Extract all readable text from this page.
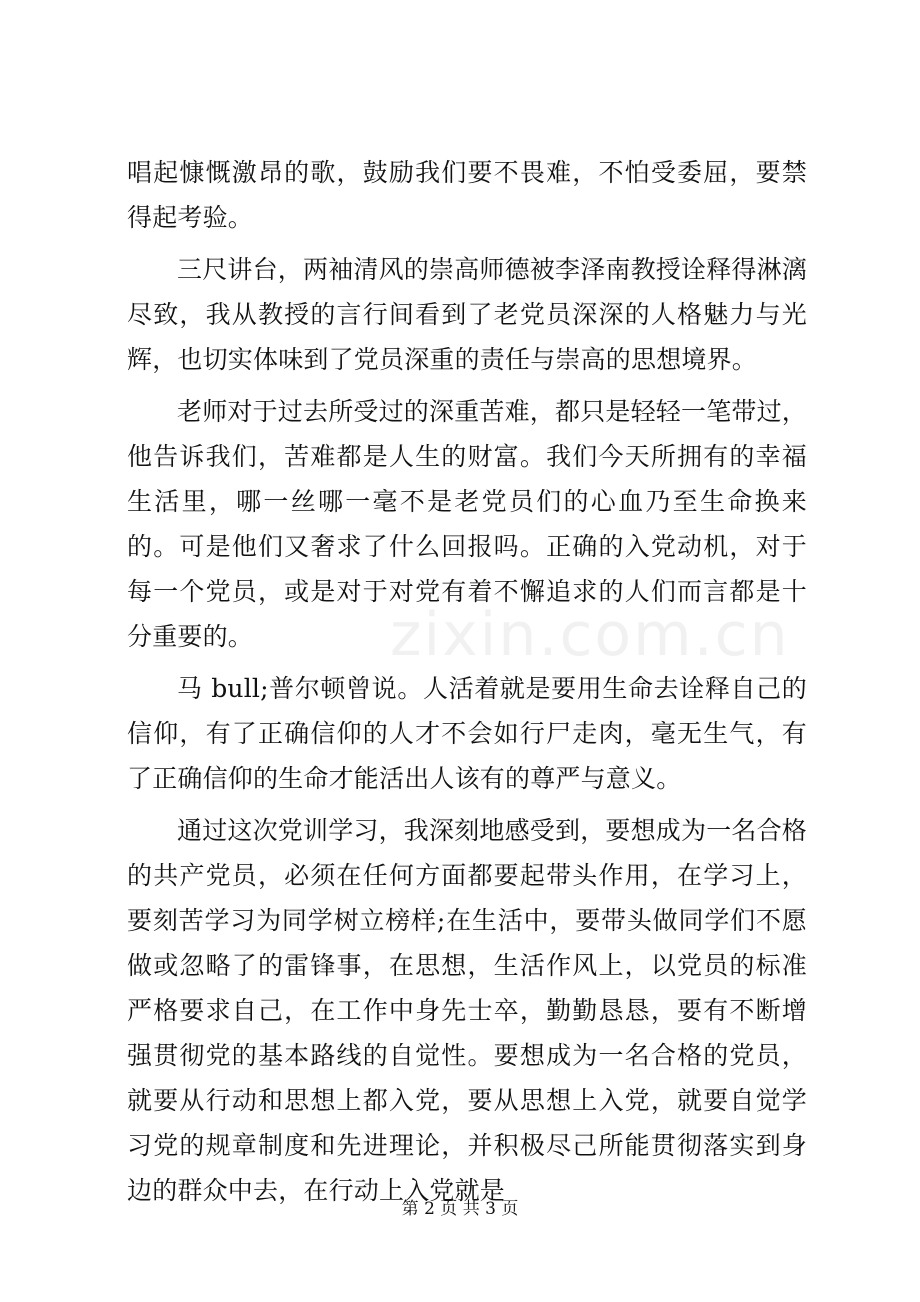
唱起慷慨激昂的歌，鼓励我们要不畏难，不怕受委屈，要禁得起考验。

三尺讲台，两袖清风的崇高师德被李泽南教授诠释得淋漓尽致，我从教授的言行间看到了老党员深深的人格魅力与光辉，也切实体味到了党员深重的责任与崇高的思想境界。

老师对于过去所受过的深重苦难，都只是轻轻一笔带过，他告诉我们，苦难都是人生的财富。我们今天所拥有的幸福生活里，哪一丝哪一毫不是老党员们的心血乃至生命换来的。可是他们又奢求了什么回报吗。正确的入党动机，对于每一个党员，或是对于对党有着不懈追求的人们而言都是十分重要的。

马 bull;普尔顿曾说。人活着就是要用生命去诠释自己的信仰，有了正确信仰的人才不会如行尸走肉，毫无生气，有了正确信仰的生命才能活出人该有的尊严与意义。

通过这次党训学习，我深刻地感受到，要想成为一名合格的共产党员，必须在任何方面都要起带头作用，在学习上，要刻苦学习为同学树立榜样;在生活中，要带头做同学们不愿做或忽略了的雷锋事，在思想，生活作风上，以党员的标准严格要求自己，在工作中身先士卒，勤勤恳恳，要有不断增强贯彻党的基本路线的自觉性。要想成为一名合格的党员，就要从行动和思想上都入党，要从思想上入党，就要自觉学习党的规章制度和先进理论，并积极尽己所能贯彻落实到身边的群众中去，在行动上入党就是

zixin.com.cn
第 2 页 共 3 页
